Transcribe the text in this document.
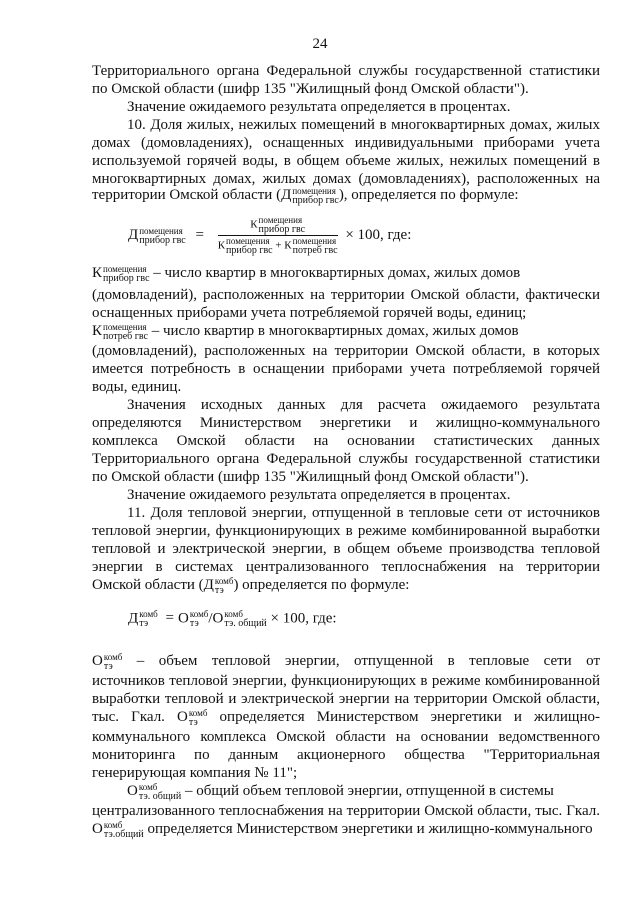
24
Территориального органа Федеральной службы государственной статистики
по Омской области (шифр 135 "Жилищный фонд Омской области").
Значение ожидаемого результата определяется в процентах.
10. Доля жилых, нежилых помещений в многоквартирных домах, жилых
домах (домовладениях), оснащенных индивидуальными приборами учета
используемой горячей воды, в общем объеме жилых, нежилых помещений в
многоквартирных домах, жилых домах (домовладениях), расположенных на
территории Омской области (Д помещения
прибор гвс ), определяется по формуле:
Д помещения
прибор гвс = К помещения
прибор гвс
К помещения
прибор гвс + К помещения
потреб гвс × 100, где:
К помещения
прибор гвс – число квартир в многоквартирных домах, жилых домов
(домовладений), расположенных на территории Омской области, фактически
оснащенных приборами учета потребляемой горячей воды, единиц;
К помещения
потреб гвс – число квартир в многоквартирных домах, жилых домов
(домовладений), расположенных на территории Омской области, в которых
имеется потребность в оснащении приборами учета потребляемой горячей
воды, единиц.
Значения исходных данных для расчета ожидаемого результата
определяются Министерством энергетики и жилищно-коммунального
комплекса Омской области на основании статистических данных
Территориального органа Федеральной службы государственной статистики
по Омской области (шифр 135 "Жилищный фонд Омской области").
Значение ожидаемого результата определяется в процентах.
11. Доля тепловой энергии, отпущенной в тепловые сети от источников
тепловой энергии, функционирующих в режиме комбинированной выработки
тепловой и электрической энергии, в общем объеме производства тепловой
энергии в системах централизованного теплоснабжения на территории
Омской области (Д комб
тэ ) определяется по формуле:
Д комб
тэ	= О комб
тэ /О комб
тэ. общий × 100, где:
О комб
тэ – объем тепловой энергии, отпущенной в тепловые сети от
источников тепловой энергии, функционирующих в режиме комбинированной
выработки тепловой и электрической энергии на территории Омской области,
тыс. Гкал. О комб
тэ определяется Министерством энергетики и жилищно-
коммунального комплекса Омской области на основании ведомственного
мониторинга по данным акционерного общества "Территориальная
генерирующая компания № 11";
О комб
тэ. общий – общий объем тепловой энергии, отпущенной в системы
централизованного теплоснабжения на территории Омской области, тыс. Гкал.
О комб
тэ.общий определяется Министерством энергетики и жилищно-коммунального
